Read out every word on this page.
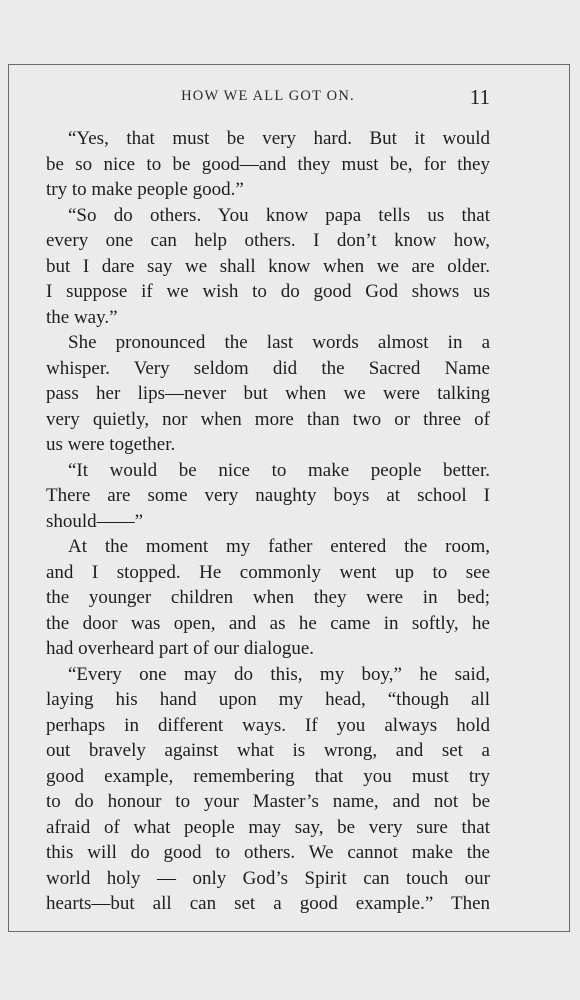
HOW WE ALL GOT ON.	11
“Yes, that must be very hard. But it would
be so nice to be good—and they must be, for they
try to make people good.”
“So do others. You know papa tells us that
every one can help others. I don’t know how,
but I dare say we shall know when we are older.
I suppose if we wish to do good God shows us
the way.”
She pronounced the last words almost in a
whisper. Very seldom did the Sacred Name
pass her lips—never but when we were talking
very quietly, nor when more than two or three of
us were together.
“It would be nice to make people better.
There are some very naughty boys at school I
should——”
At the moment my father entered the room,
and I stopped. He commonly went up to see
the younger children when they were in bed;
the door was open, and as he came in softly, he
had overheard part of our dialogue.
“Every one may do this, my boy,” he said,
laying his hand upon my head, “though all
perhaps in different ways. If you always hold
out bravely against what is wrong, and set a
good example, remembering that you must try
to do honour to your Master’s name, and not be
afraid of what people may say, be very sure that
this will do good to others. We cannot make the
world holy — only God’s Spirit can touch our
hearts—but all can set a good example.” Then
